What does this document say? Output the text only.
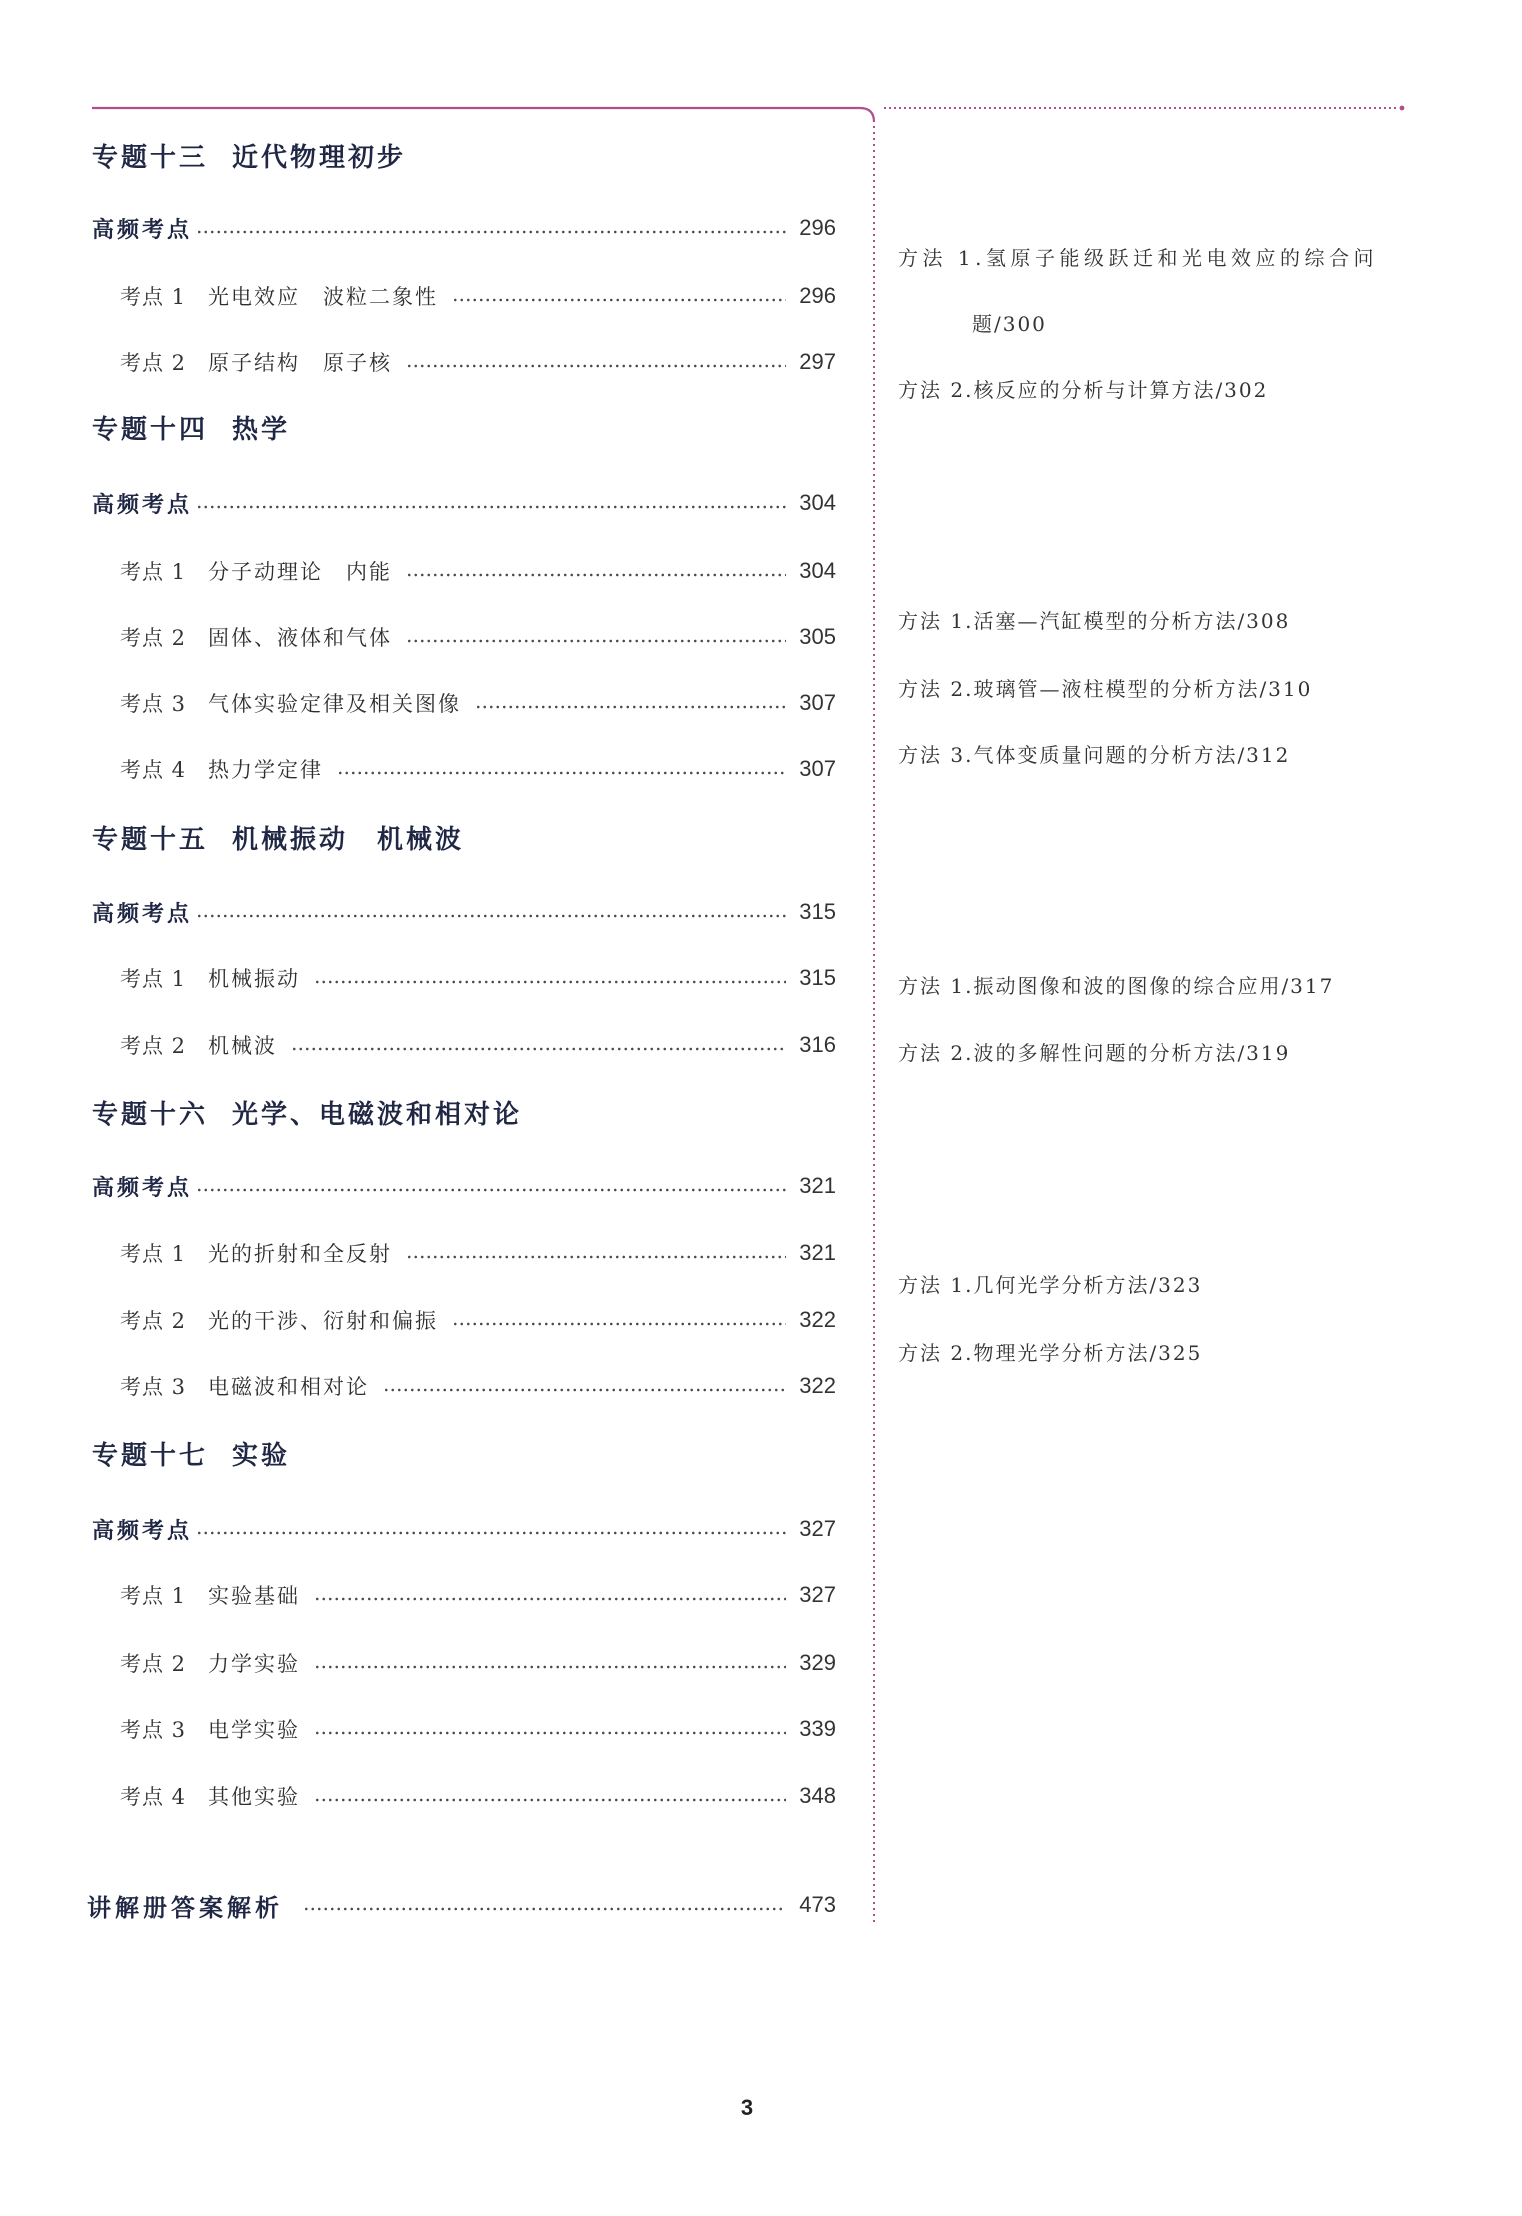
专题十三 近代物理初步
高频考点	296
考点 1 光电效应　波粒二象性	296
考点 2 原子结构　原子核	297
专题十四 热学
高频考点	304
考点 1 分子动理论　内能	304
考点 2 固体、液体和气体	305
考点 3 气体实验定律及相关图像	307
考点 4 热力学定律	307
专题十五 机械振动　机械波
高频考点	315
考点 1 机械振动	315
考点 2 机械波	316
专题十六 光学、电磁波和相对论
高频考点	321
考点 1 光的折射和全反射	321
考点 2 光的干涉、衍射和偏振	322
考点 3 电磁波和相对论	322
专题十七 实验
高频考点	327
考点 1 实验基础	327
考点 2 力学实验	329
考点 3 电学实验	339
考点 4 其他实验	348
讲解册答案解析	473
方法 1.氢原子能级跃迁和光电效应的综合问
题/300
方法 2.核反应的分析与计算方法/302
方法 1.活塞—汽缸模型的分析方法/308
方法 2.玻璃管—液柱模型的分析方法/310
方法 3.气体变质量问题的分析方法/312
方法 1.振动图像和波的图像的综合应用/317
方法 2.波的多解性问题的分析方法/319
方法 1.几何光学分析方法/323
方法 2.物理光学分析方法/325
3
